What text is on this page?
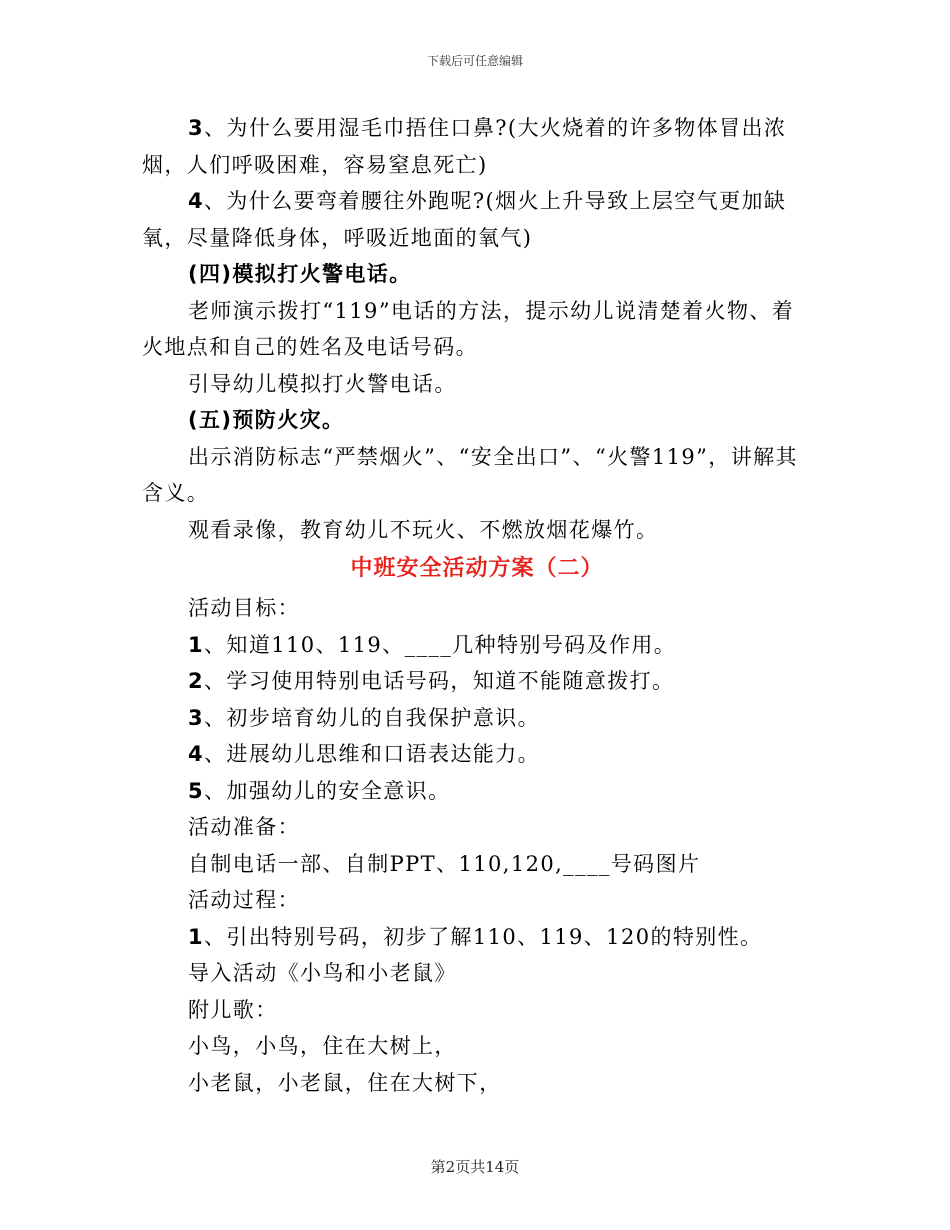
下载后可任意编辑

3、为什么要用湿毛巾捂住口鼻?(大火烧着的许多物体冒出浓烟，人们呼吸困难，容易窒息死亡)

4、为什么要弯着腰往外跑呢?(烟火上升导致上层空气更加缺氧，尽量降低身体，呼吸近地面的氧气)

(四)模拟打火警电话。

老师演示拨打“119”电话的方法，提示幼儿说清楚着火物、着火地点和自己的姓名及电话号码。

引导幼儿模拟打火警电话。

(五)预防火灾。

出示消防标志“严禁烟火”、“安全出口”、“火警119”，讲解其含义。

观看录像，教育幼儿不玩火、不燃放烟花爆竹。

中班安全活动方案（二）

活动目标：

1、知道110、119、____几种特别号码及作用。

2、学习使用特别电话号码，知道不能随意拨打。

3、初步培育幼儿的自我保护意识。

4、进展幼儿思维和口语表达能力。

5、加强幼儿的安全意识。

活动准备：

自制电话一部、自制PPT、110,120,____号码图片

活动过程：

1、引出特别号码，初步了解110、119、120的特别性。

导入活动《小鸟和小老鼠》

附儿歌：

小鸟，小鸟，住在大树上，

小老鼠，小老鼠，住在大树下，

第2页共14页
